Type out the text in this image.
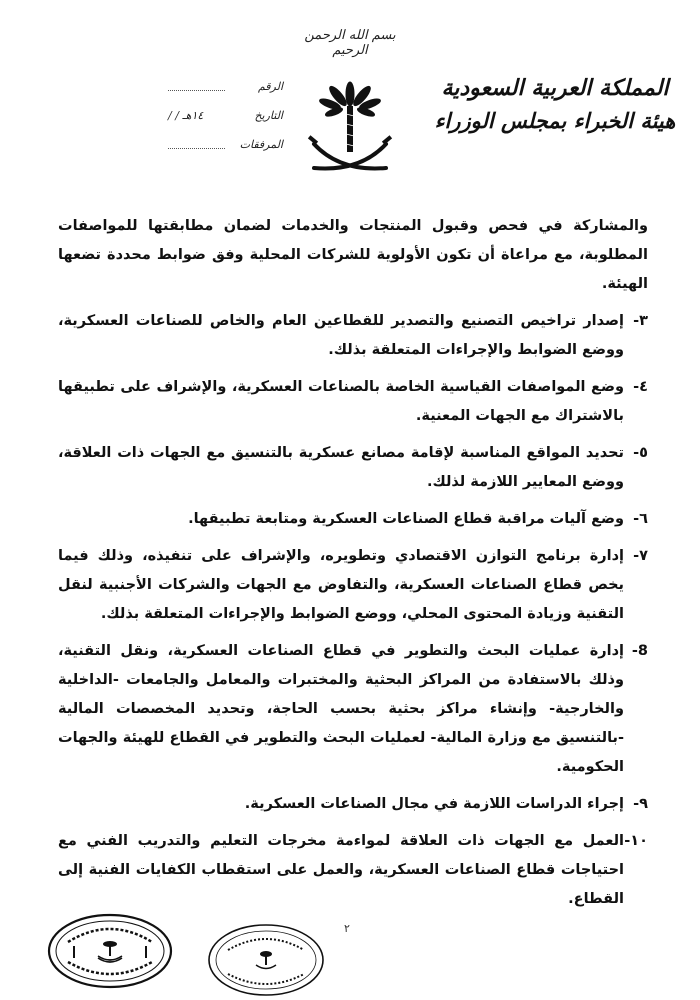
بسم الله الرحمن الرحيم
المملكة العربية السعودية
هيئة الخبراء بمجلس الوزراء
الرقم
التاريخ
/ / ١٤هـ
المرفقات

والمشاركة في فحص وقبول المنتجات والخدمات لضمان مطابقتها للمواصفات المطلوبة، مع مراعاة أن تكون الأولوية للشركات المحلية وفق ضوابط محددة تضعها الهيئة.

٣-

إصدار تراخيص التصنيع والتصدير للقطاعين العام والخاص للصناعات العسكرية، ووضع الضوابط والإجراءات المتعلقة بذلك.

٤-

وضع المواصفات القياسية الخاصة بالصناعات العسكرية، والإشراف على تطبيقها بالاشتراك مع الجهات المعنية.

٥-

تحديد المواقع المناسبة لإقامة مصانع عسكرية بالتنسيق مع الجهات ذات العلاقة، ووضع المعايير اللازمة لذلك.

٦-

وضع آليات مراقبة قطاع الصناعات العسكرية ومتابعة تطبيقها.

٧-

إدارة برنامج التوازن الاقتصادي وتطويره، والإشراف على تنفيذه، وذلك فيما يخص قطاع الصناعات العسكرية، والتفاوض مع الجهات والشركات الأجنبية لنقل التقنية وزيادة المحتوى المحلي، ووضع الضوابط والإجراءات المتعلقة بذلك.

8-

إدارة عمليات البحث والتطوير في قطاع الصناعات العسكرية، ونقل التقنية، وذلك بالاستفادة من المراكز البحثية والمختبرات والمعامل والجامعات -الداخلية والخارجية- وإنشاء مراكز بحثية بحسب الحاجة، وتحديد المخصصات المالية -بالتنسيق مع وزارة المالية- لعمليات البحث والتطوير في القطاع للهيئة والجهات الحكومية.

٩-

إجراء الدراسات اللازمة في مجال الصناعات العسكرية.

١٠-

العمل مع الجهات ذات العلاقة لمواءمة مخرجات التعليم والتدريب الفني مع احتياجات قطاع الصناعات العسكرية، والعمل على استقطاب الكفايات الفنية إلى القطاع.

٢
